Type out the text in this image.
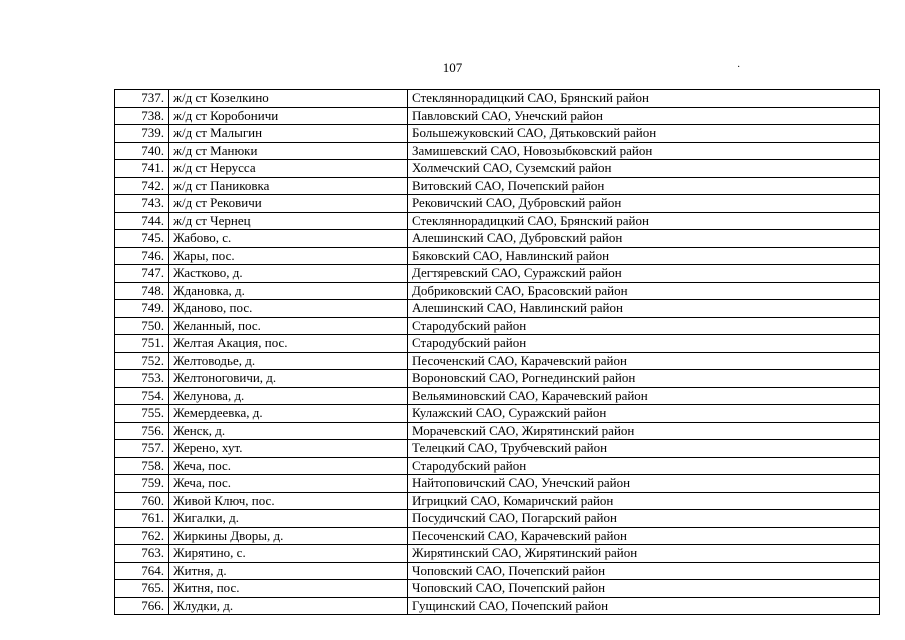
107	·
737.	ж/д ст Козелкино	Стекляннорадицкий САО, Брянский район
738.	ж/д ст Коробоничи	Павловский САО, Унечский район
739.	ж/д ст Малыгин	Большежуковский САО, Дятьковский район
740.	ж/д ст Манюки	Замишевский САО, Новозыбковский район
741.	ж/д ст Нерусса	Холмечский САО, Суземский район
742.	ж/д ст Паниковка	Витовский САО, Почепский район
743.	ж/д ст Рековичи	Рековичский САО, Дубровский район
744.	ж/д ст Чернец	Стекляннорадицкий САО, Брянский район
745.	Жабово, с.	Алешинский САО, Дубровский район
746.	Жары, пос.	Бяковский САО, Навлинский район
747.	Жастково, д.	Дегтяревский САО, Суражский район
748.	Ждановка, д.	Добриковский САО, Брасовский район
749.	Жданово, пос.	Алешинский САО, Навлинский район
750.	Желанный, пос.	Стародубский район
751.	Желтая Акация, пос.	Стародубский район
752.	Желтоводье, д.	Песоченский САО, Карачевский район
753.	Желтоноговичи, д.	Вороновский САО, Рогнединский район
754.	Желунова, д.	Вельяминовский САО, Карачевский район
755.	Жемердеевка, д.	Кулажский САО, Суражский район
756.	Женск, д.	Морачевский САО, Жирятинский район
757.	Жерено, хут.	Телецкий САО, Трубчевский район
758.	Жеча, пос.	Стародубский район
759.	Жеча, пос.	Найтоповичский САО, Унечский район
760.	Живой Ключ, пос.	Игрицкий САО, Комаричский район
761.	Жигалки, д.	Посудичский САО, Погарский район
762.	Жиркины Дворы, д.	Песоченский САО, Карачевский район
763.	Жирятино, с.	Жирятинский САО, Жирятинский район
764.	Житня, д.	Чоповский САО, Почепский район
765.	Житня, пос.	Чоповский САО, Почепский район
766.	Жлудки, д.	Гущинский САО, Почепский район
